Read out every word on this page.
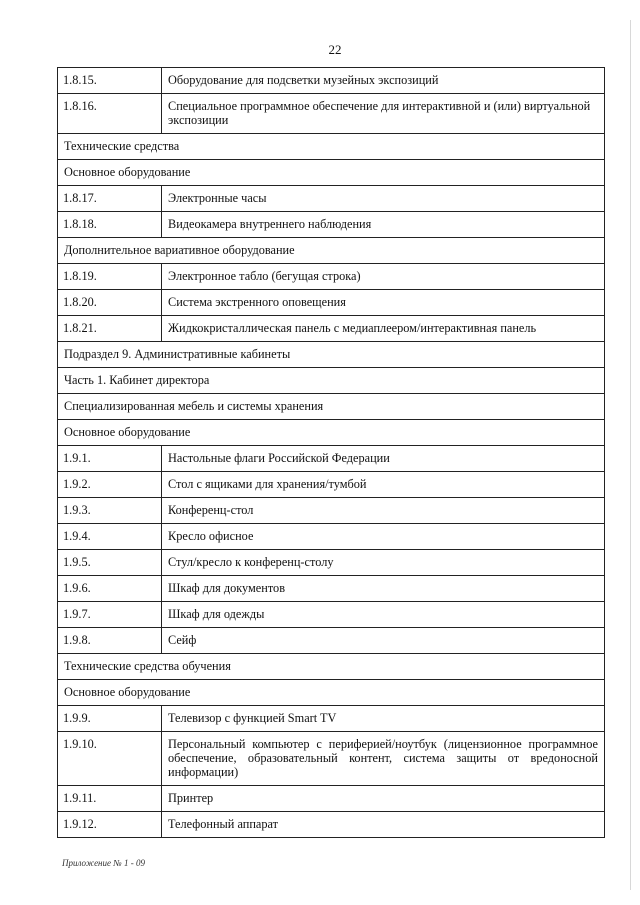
22
1.8.15.	Оборудование для подсветки музейных экспозиций
1.8.16.	Специальное программное обеспечение для интерактивной и (или) виртуальной экспозиции
Технические средства	
Основное оборудование	
1.8.17.	Электронные часы
1.8.18.	Видеокамера внутреннего наблюдения
Дополнительное вариативное оборудование	
1.8.19.	Электронное табло (бегущая строка)
1.8.20.	Система экстренного оповещения
1.8.21.	Жидкокристаллическая панель с медиаплеером/интерактивная панель
Подраздел 9. Административные кабинеты	
Часть 1. Кабинет директора	
Специализированная мебель и системы хранения	
Основное оборудование	
1.9.1.	Настольные флаги Российской Федерации
1.9.2.	Стол с ящиками для хранения/тумбой
1.9.3.	Конференц-стол
1.9.4.	Кресло офисное
1.9.5.	Стул/кресло к конференц-столу
1.9.6.	Шкаф для документов
1.9.7.	Шкаф для одежды
1.9.8.	Сейф
Технические средства обучения	
Основное оборудование	
1.9.9.	Телевизор с функцией Smart TV
1.9.10.	Персональный компьютер с периферией/ноутбук (лицензионное программное обеспечение, образовательный контент, система защиты от вредоносной информации)
1.9.11.	Принтер
1.9.12.	Телефонный аппарат
Приложение № 1 - 09
